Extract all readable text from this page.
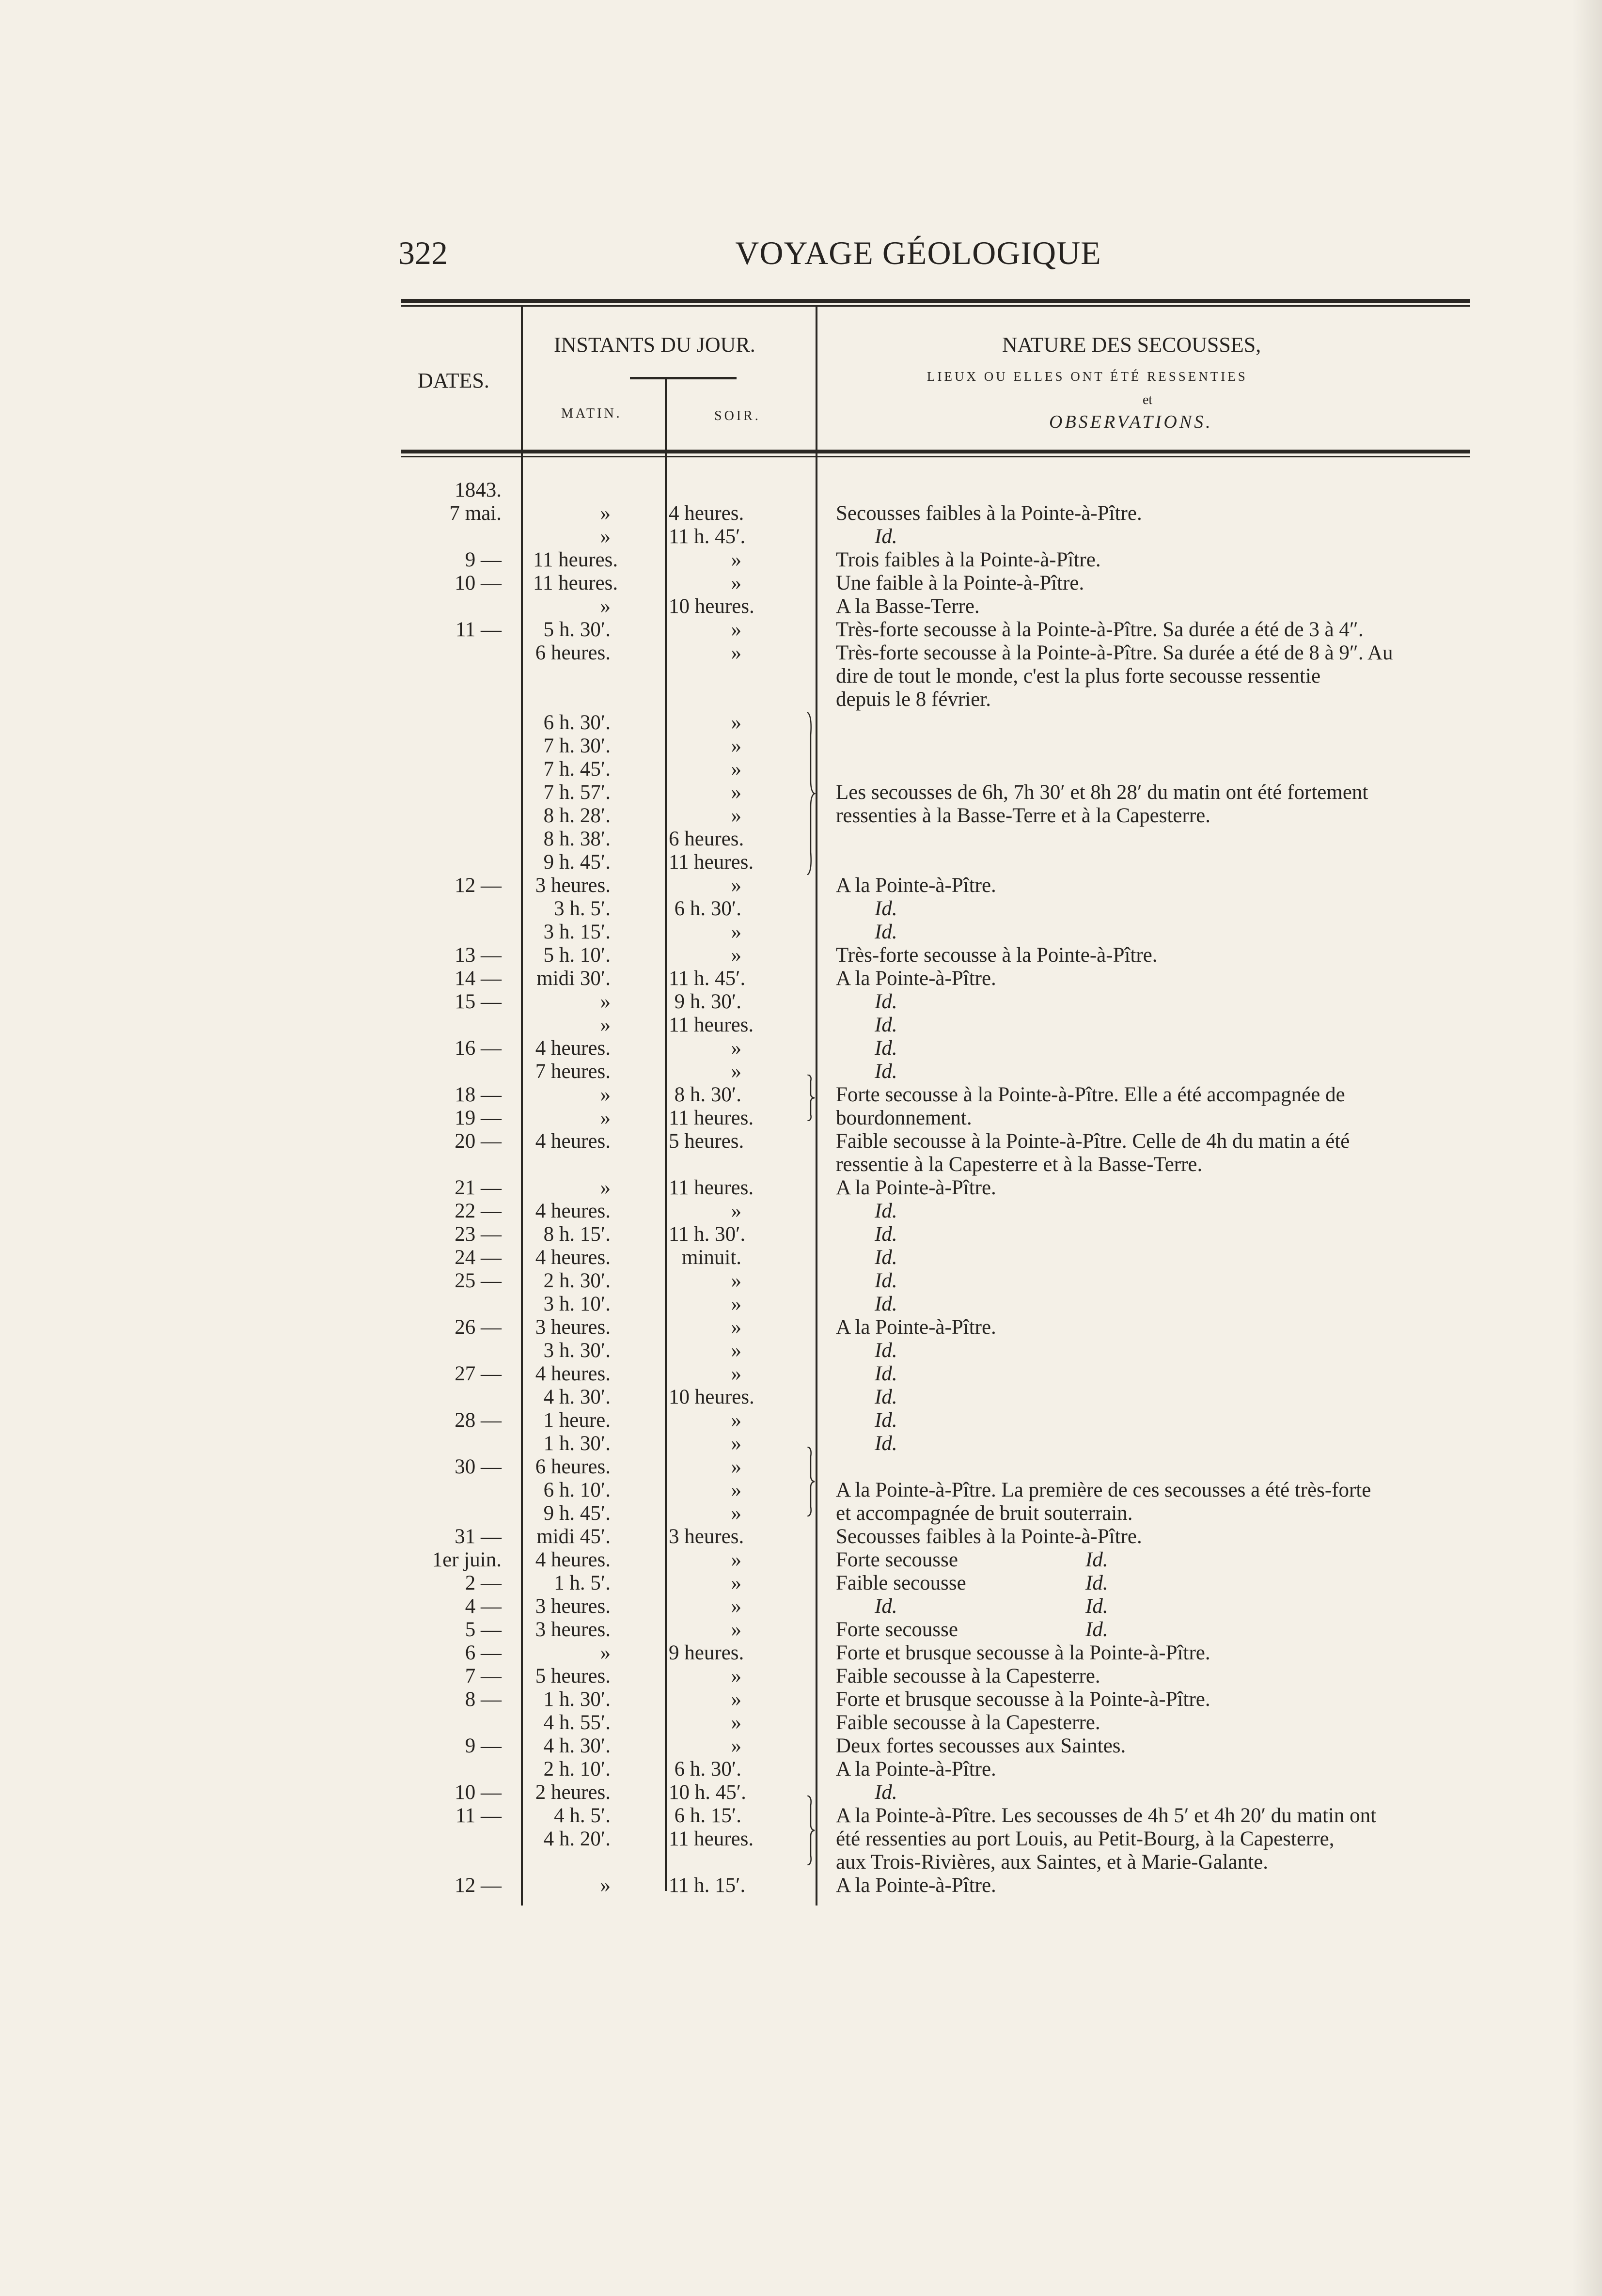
322	VOYAGE GÉOLOGIQUE
DATES.
INSTANTS DU JOUR.
MATIN.	SOIR.
NATURE DES SECOUSSES,
LIEUX OU ELLES ONT ÉTÉ RESSENTIES
et
OBSERVATIONS.
1843.
7 mai.	»	4 heures.	Secousses faibles à la Pointe-à-Pître.
»	11 h. 45′.	Id.
9 — 11 heures.	»	Trois faibles à la Pointe-à-Pître.
10 — 11 heures.	»	Une faible à la Pointe-à-Pître.
»	10 heures.	A la Basse-Terre.
11 —	5 h. 30′.	»	Très-forte secousse à la Pointe-à-Pître. Sa durée a été de 3 à 4″.
6 heures.	»	Très-forte secousse à la Pointe-à-Pître. Sa durée a été de 8 à 9″. Au
dire de tout le monde, c'est la plus forte secousse ressentie
depuis le 8 février.
6 h. 30′.	»
7 h. 30′.	»
7 h. 45′.	»
7 h. 57′.	»	Les secousses de 6h, 7h 30′ et 8h 28′ du matin ont été fortement
8 h. 28′.	»	ressenties à la Basse-Terre et à la Capesterre.
8 h. 38′.	6 heures.
9 h. 45′.	11 heures.
12 — 3 heures.	»	A la Pointe-à-Pître.
3 h. 5′.	6 h. 30′.	Id.
3 h. 15′.	»	Id.
13 —	5 h. 10′.	»	Très-forte secousse à la Pointe-à-Pître.
14 — midi 30′.	11 h. 45′.	A la Pointe-à-Pître.
15 —	»	9 h. 30′.	Id.
»	11 heures.	Id.
16 — 4 heures.	»	Id.
7 heures.	»	Id.
18 —	»	8 h. 30′.	Forte secousse à la Pointe-à-Pître. Elle a été accompagnée de
19 —	»	11 heures.	bourdonnement.
20 — 4 heures.	5 heures.	Faible secousse à la Pointe-à-Pître. Celle de 4h du matin a été
ressentie à la Capesterre et à la Basse-Terre.
21 —	»	11 heures.	A la Pointe-à-Pître.
22 — 4 heures.	»	Id.
23 —	8 h. 15′.	11 h. 30′.	Id.
24 — 4 heures.	minuit.	Id.
25 —	2 h. 30′.	»	Id.
3 h. 10′.	»	Id.
26 — 3 heures.	»	A la Pointe-à-Pître.
3 h. 30′.	»	Id.
27 — 4 heures.	»	Id.
4 h. 30′.	10 heures.	Id.
28 —	1 heure.	»	Id.
1 h. 30′.	»	Id.
30 — 6 heures.	»
6 h. 10′.	»	A la Pointe-à-Pître. La première de ces secousses a été très-forte
9 h. 45′.	»	et accompagnée de bruit souterrain.
31 — midi 45′.	3 heures.	Secousses faibles à la Pointe-à-Pître.
1er juin. 4 heures.	»	Forte secousse	Id.
2 —	1 h. 5′.	»	Faible secousse	Id.
4 — 3 heures.	»	Id.	Id.
5 — 3 heures.	»	Forte secousse	Id.
6 —	»	9 heures.	Forte et brusque secousse à la Pointe-à-Pître.
7 — 5 heures.	»	Faible secousse à la Capesterre.
8 —	1 h. 30′.	»	Forte et brusque secousse à la Pointe-à-Pître.
4 h. 55′.	»	Faible secousse à la Capesterre.
9 —	4 h. 30′.	»	Deux fortes secousses aux Saintes.
2 h. 10′.	6 h. 30′.	A la Pointe-à-Pître.
10 — 2 heures.	10 h. 45′.	Id.
11 —	4 h. 5′.	6 h. 15′.	A la Pointe-à-Pître. Les secousses de 4h 5′ et 4h 20′ du matin ont
4 h. 20′.	11 heures.	été ressenties au port Louis, au Petit-Bourg, à la Capesterre,
aux Trois-Rivières, aux Saintes, et à Marie-Galante.
12 —	»	11 h. 15′.	A la Pointe-à-Pître.
